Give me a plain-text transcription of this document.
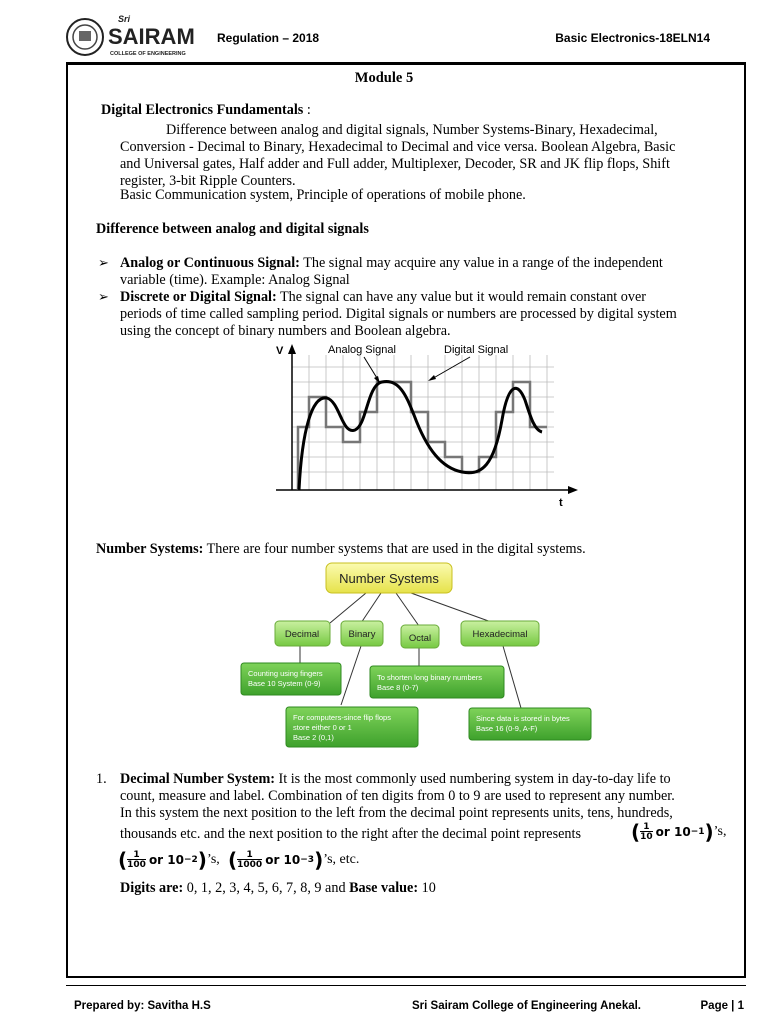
Sri
SAIRAM
COLLEGE OF ENGINEERING
Regulation – 2018	Basic Electronics-18ELN14
Module 5
Digital Electronics Fundamentals :
Difference between analog and digital signals, Number Systems-Binary, Hexadecimal,
Conversion - Decimal to Binary, Hexadecimal to Decimal and vice versa. Boolean Algebra, Basic
and Universal gates, Half adder and Full adder, Multiplexer, Decoder, SR and JK flip flops, Shift
register, 3-bit Ripple Counters.
Basic Communication system, Principle of operations of mobile phone.
Difference between analog and digital signals
➢ Analog or Continuous Signal: The signal may acquire any value in a range of the independent
variable (time). Example: Analog Signal
➢ Discrete or Digital Signal: The signal can have any value but it would remain constant over
periods of time called sampling period. Digital signals or numbers are processed by digital system
using the concept of binary numbers and Boolean algebra.
V
t
Analog Signal	Digital Signal
Number Systems: There are four number systems that are used in the digital systems.
Number Systems
Decimal	Binary	Octal	Hexadecimal
Counting using fingers
Base 10 System (0-9)
To shorten long binary numbers
Base 8 (0-7)
For computers-since flip flops
store either 0 or 1
Base 2 (0,1)
Since data is stored in bytes
Base 16 (0-9, A-F)
1. Decimal Number System: It is the most commonly used numbering system in day-to-day life to
count, measure and label. Combination of ten digits from 0 to 9 are used to represent any number.
In this system the next position to the left from the decimal point represents units, tens, hundreds,
thousands etc. and the next position to the right after the decimal point represents	($\frac{1}{10}$ or 10−1)’s,
($\frac{1}{100}$ or 10−2)’s, ($\frac{1}{1000}$ or 10−3)’s, etc.
Digits are: 0, 1, 2, 3, 4, 5, 6, 7, 8, 9 and Base value: 10
Prepared by: Savitha H.S	Sri Sairam College of Engineering Anekal.	Page | 1
